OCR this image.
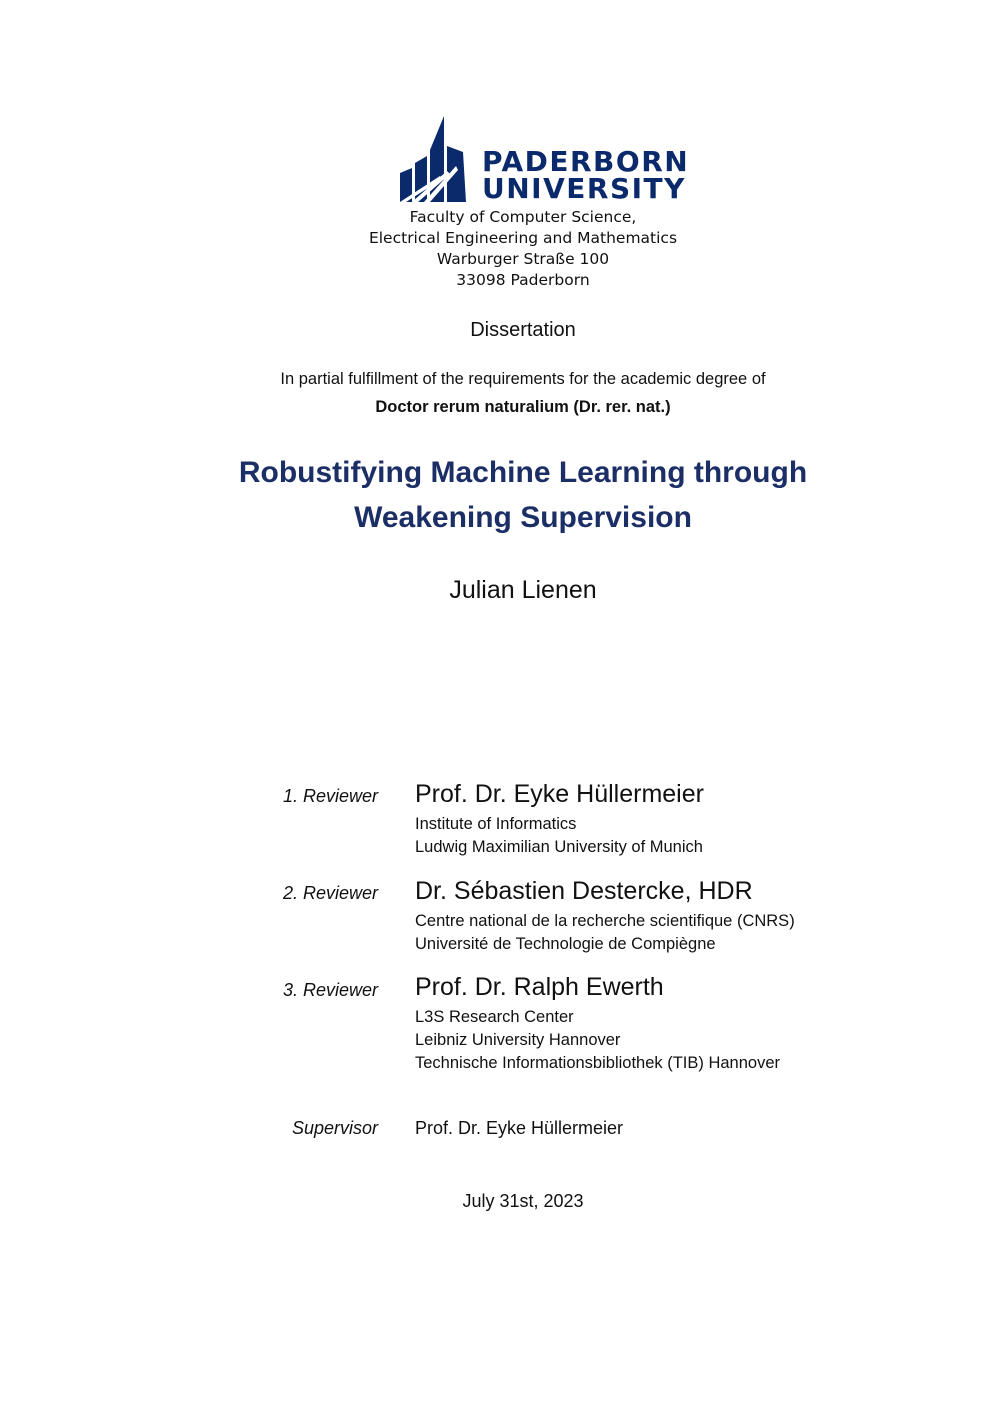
PADERBORN
UNIVERSITY
Faculty of Computer Science,
Electrical Engineering and Mathematics
Warburger Straße 100
33098 Paderborn
Dissertation
In partial fulfillment of the requirements for the academic degree of
Doctor rerum naturalium (Dr. rer. nat.)
Robustifying Machine Learning through
Weakening Supervision
Julian Lienen
1. Reviewer Prof. Dr. Eyke Hüllermeier
Institute of Informatics
Ludwig Maximilian University of Munich
2. Reviewer Dr. Sébastien Destercke, HDR
Centre national de la recherche scientifique (CNRS)
Université de Technologie de Compiègne
3. Reviewer Prof. Dr. Ralph Ewerth
L3S Research Center
Leibniz University Hannover
Technische Informationsbibliothek (TIB) Hannover
Supervisor Prof. Dr. Eyke Hüllermeier
July 31st, 2023
